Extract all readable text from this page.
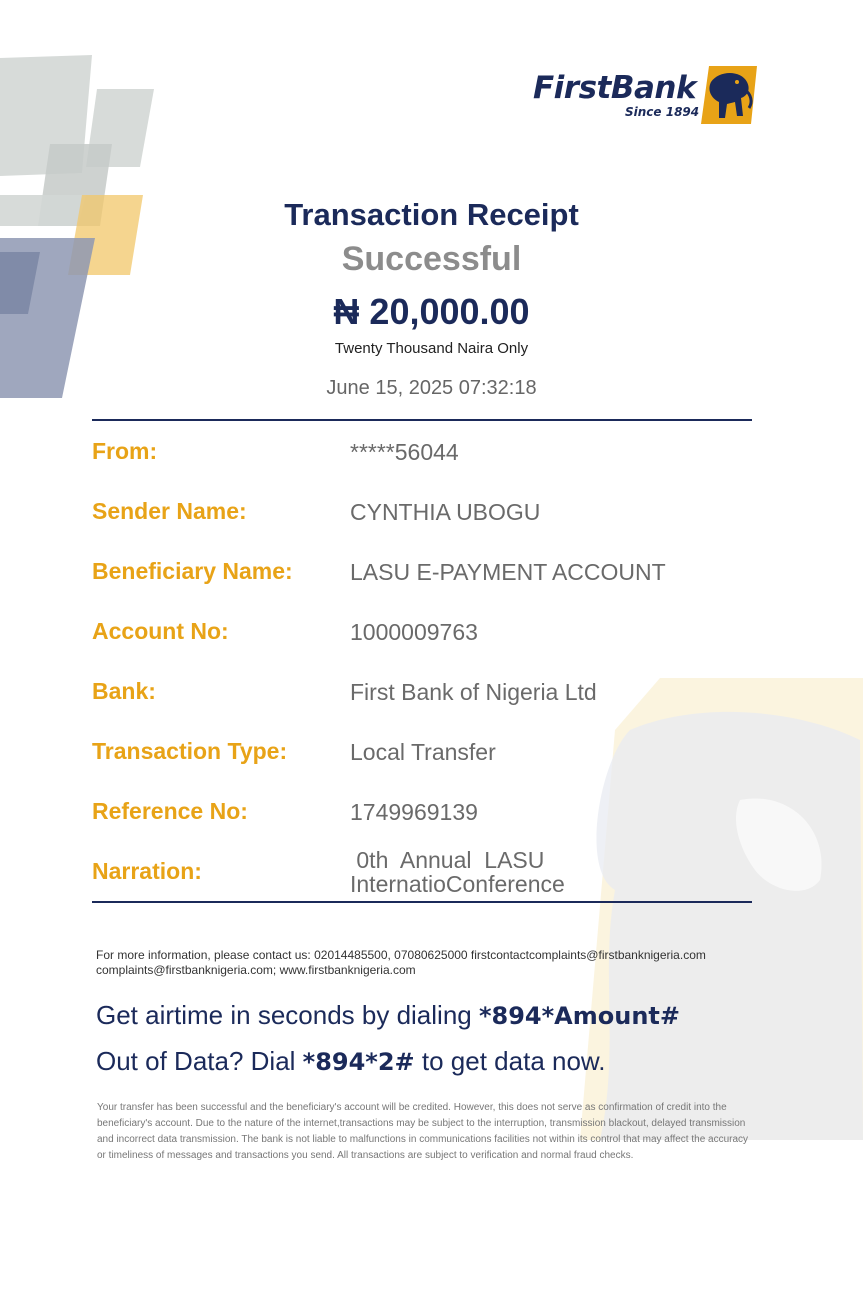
FirstBank
Since 1894
Transaction Receipt
Successful
₦ 20,000.00
Twenty Thousand Naira Only
June 15, 2025 07:32:18
From:	*****56044
Sender Name:	CYNTHIA UBOGU
Beneficiary Name: LASU E-PAYMENT ACCOUNT
Account No:	1000009763
Bank:	First Bank of Nigeria Ltd
Transaction Type:	Local Transfer
Reference No:	1749969139
Narration:	0th  Annual  LASU InternatioConference
For more information, please contact us: 02014485500, 07080625000 firstcontactcomplaints@firstbanknigeria.com complaints@firstbanknigeria.com; www.firstbanknigeria.com
Get airtime in seconds by dialing *894*Amount#
Out of Data? Dial *894*2# to get data now.
Your transfer has been successful and the beneficiary's account will be credited. However, this does not serve as confirmation of credit into the beneficiary's account. Due to the nature of the internet,transactions may be subject to the interruption, transmission blackout, delayed transmission and incorrect data transmission. The bank is not liable to malfunctions in communications facilities not within its control that may affect the accuracy or timeliness of messages and transactions you send. All transactions are subject to verification and normal fraud checks.
